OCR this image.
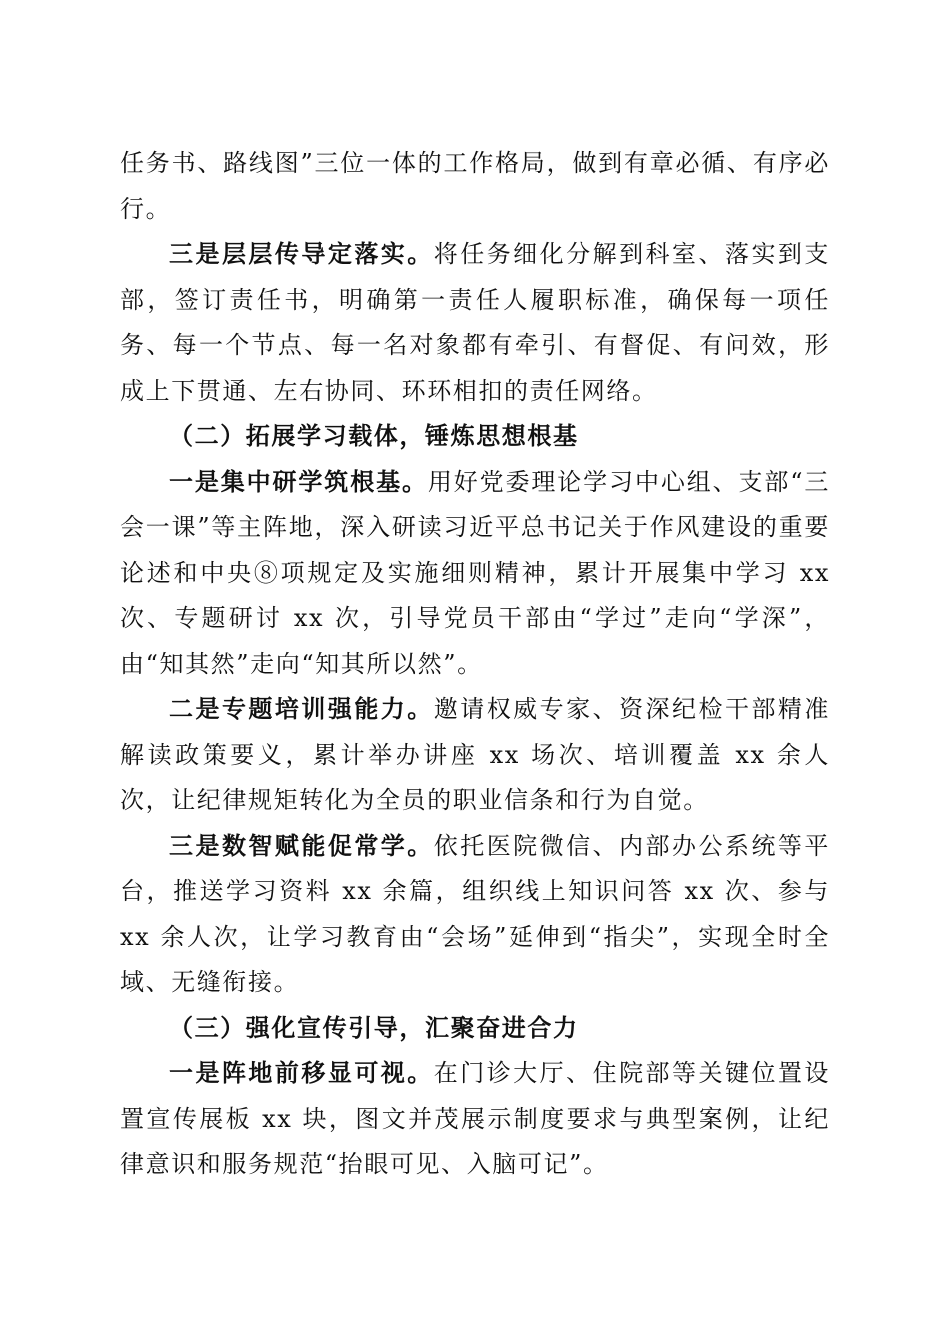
任务书、路线图”三位一体的工作格局，做到有章必循、有序必行。

三是层层传导定落实。将任务细化分解到科室、落实到支部，签订责任书，明确第一责任人履职标准，确保每一项任务、每一个节点、每一名对象都有牵引、有督促、有问效，形成上下贯通、左右协同、环环相扣的责任网络。

（二）拓展学习载体，锤炼思想根基

一是集中研学筑根基。用好党委理论学习中心组、支部“三会一课”等主阵地，深入研读习近平总书记关于作风建设的重要论述和中央⑧项规定及实施细则精神，累计开展集中学习 xx 次、专题研讨 xx 次，引导党员干部由“学过”走向“学深”，由“知其然”走向“知其所以然”。

二是专题培训强能力。邀请权威专家、资深纪检干部精准解读政策要义，累计举办讲座 xx 场次、培训覆盖 xx 余人次，让纪律规矩转化为全员的职业信条和行为自觉。

三是数智赋能促常学。依托医院微信、内部办公系统等平台，推送学习资料 xx 余篇，组织线上知识问答 xx 次、参与 xx 余人次，让学习教育由“会场”延伸到“指尖”，实现全时全域、无缝衔接。

（三）强化宣传引导，汇聚奋进合力

一是阵地前移显可视。在门诊大厅、住院部等关键位置设置宣传展板 xx 块，图文并茂展示制度要求与典型案例，让纪律意识和服务规范“抬眼可见、入脑可记”。
